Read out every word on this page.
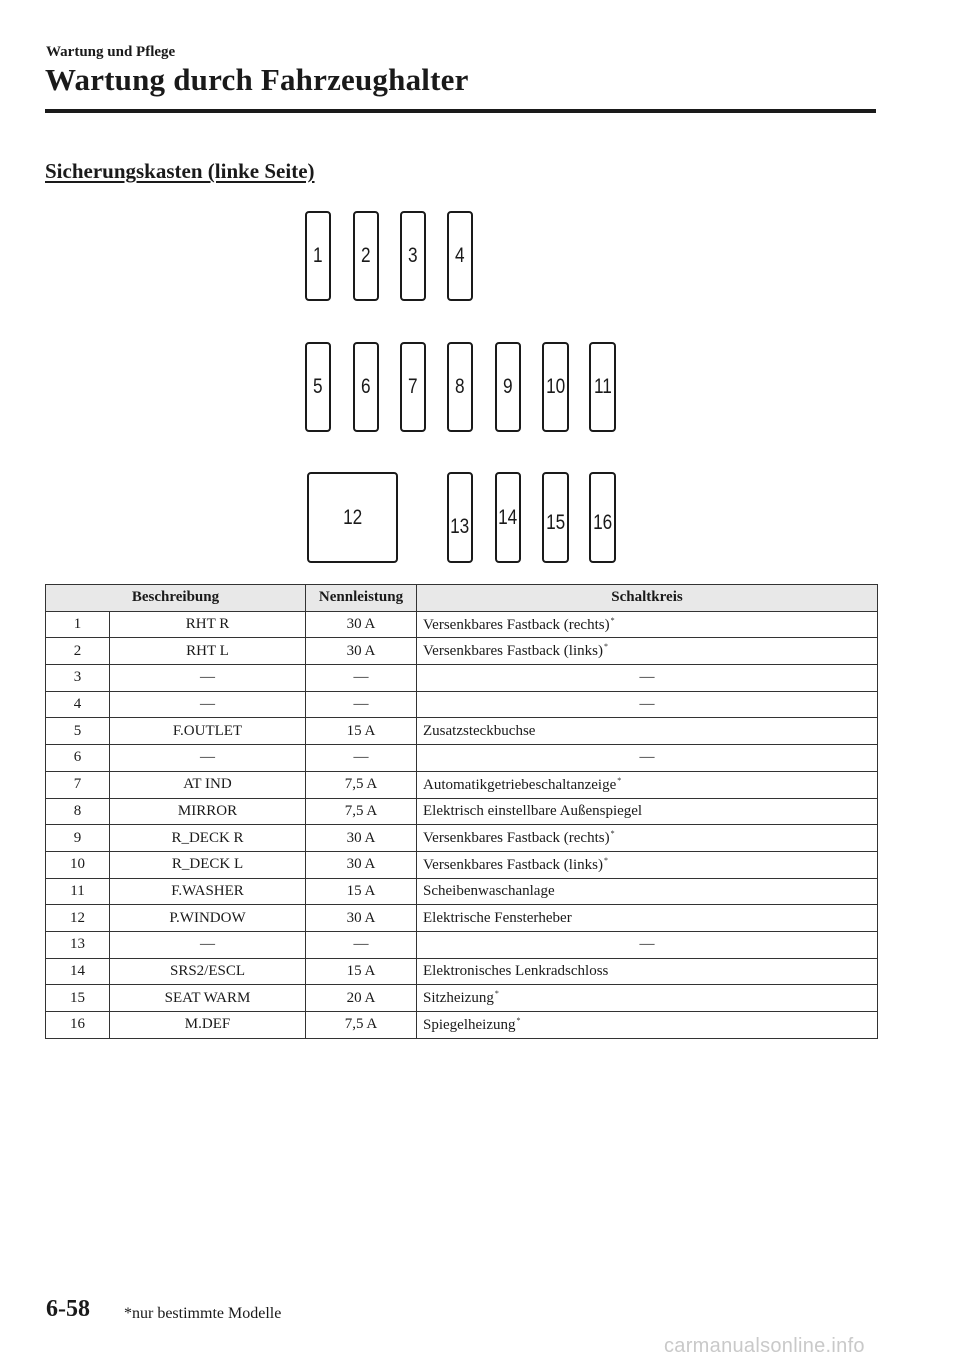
Wartung und Pflege
Wartung durch Fahrzeughalter
Sicherungskasten (linke Seite)
1 2 3 4
5 6 7 8 9 10 11
12	13 14 15 16
Beschreibung		Nennleistung	Schaltkreis
1	RHT R	30 A	Versenkbares Fastback (rechts)*
2	RHT L	30 A	Versenkbares Fastback (links)*
3	—	—	—
4	—	—	—
5	F.OUTLET	15 A	Zusatzsteckbuchse
6	—	—	—
7	AT IND	7,5 A	Automatikgetriebeschaltanzeige*
8	MIRROR	7,5 A	Elektrisch einstellbare Außenspiegel
9	R_DECK R	30 A	Versenkbares Fastback (rechts)*
10	R_DECK L	30 A	Versenkbares Fastback (links)*
11	F.WASHER	15 A	Scheibenwaschanlage
12	P.WINDOW	30 A	Elektrische Fensterheber
13	—	—	—
14	SRS2/ESCL	15 A	Elektronisches Lenkradschloss
15	SEAT WARM	20 A	Sitzheizung*
16	M.DEF	7,5 A	Spiegelheizung*
6-58 *nur bestimmte Modelle
carmanualsonline.info
